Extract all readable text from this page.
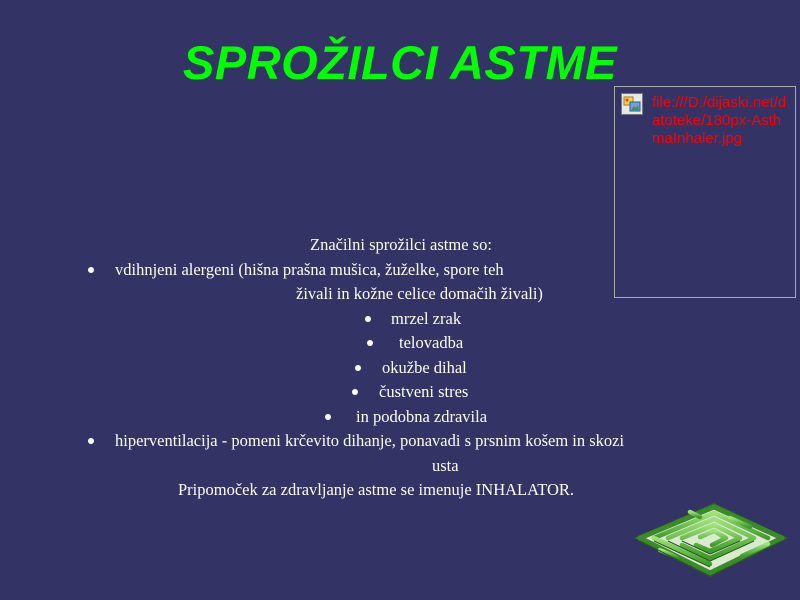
SPROŽILCI ASTME
file:///D:/dijaski.net/datoteke/180px-AsthmaInhaler.jpg
Značilni sprožilci astme so:
vdihnjeni alergeni (hišna prašna mušica, žuželke, spore teh
živali in kožne celice domačih živali)
mrzel zrak
telovadba
okužbe dihal
čustveni stres
in podobna zdravila
hiperventilacija - pomeni krčevito dihanje, ponavadi s prsnim košem in skozi
usta
Pripomoček za zdravljanje astme se imenuje INHALATOR.
